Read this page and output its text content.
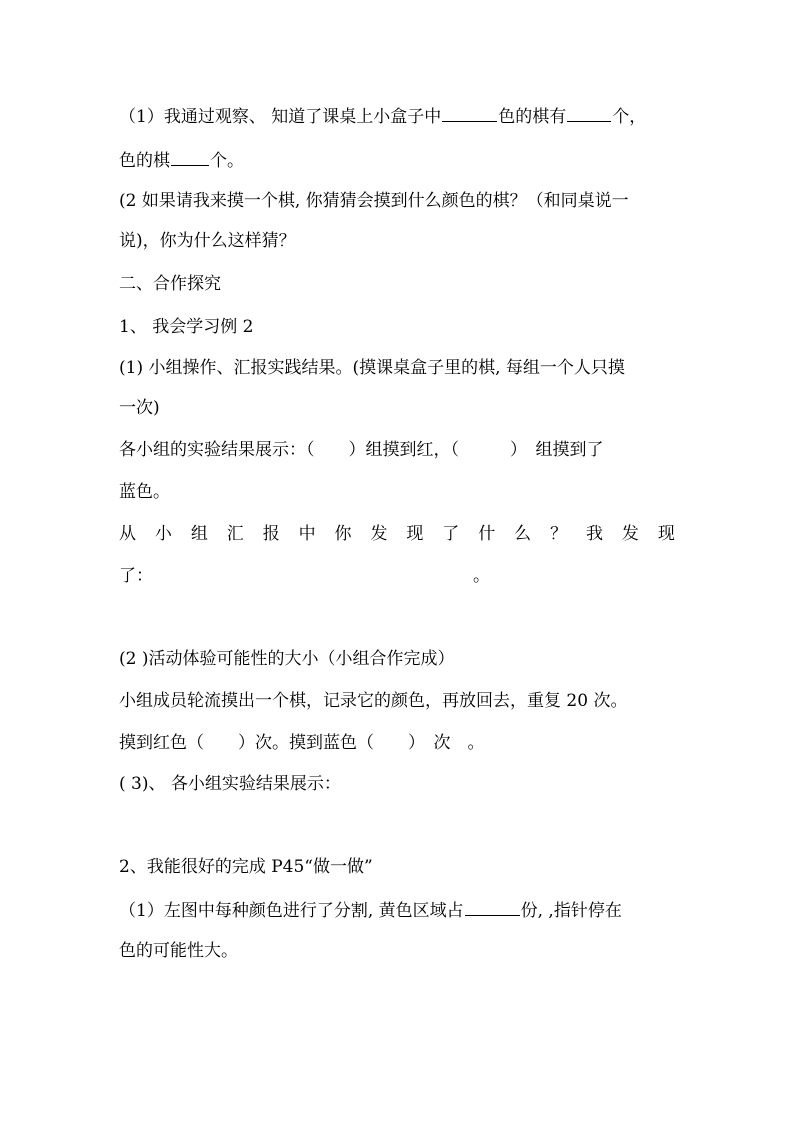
（1）我通过观察、 知道了课桌上小盒子中	色的棋有	个，
色的棋 个。
(2 如果请我来摸一个棋, 你猜猜会摸到什么颜色的棋？（和同桌说一
说)，你为什么这样猜？
二、合作探究
1、 我会学习例 2
(1) 小组操作、汇报实践结果。(摸课桌盒子里的棋, 每组一个人只摸
一次)
各小组的实验结果展示：（　　）组摸到红，（　　　）　组摸到了
蓝色。
从 小 组 汇 报 中 你 发 现 了 什 么 ？ 我 发 现
了：	。
(2 )活动体验可能性的大小（小组合作完成）
小组成员轮流摸出一个棋，记录它的颜色，再放回去，重复 20 次。
摸到红色（　　）次。摸到蓝色（　　）　次　。
( 3)、 各小组实验结果展示：
2、我能很好的完成 P45“做一做”
（1）左图中每种颜色进行了分割, 黄色区域占	份, ,指针停在
色的可能性大。
